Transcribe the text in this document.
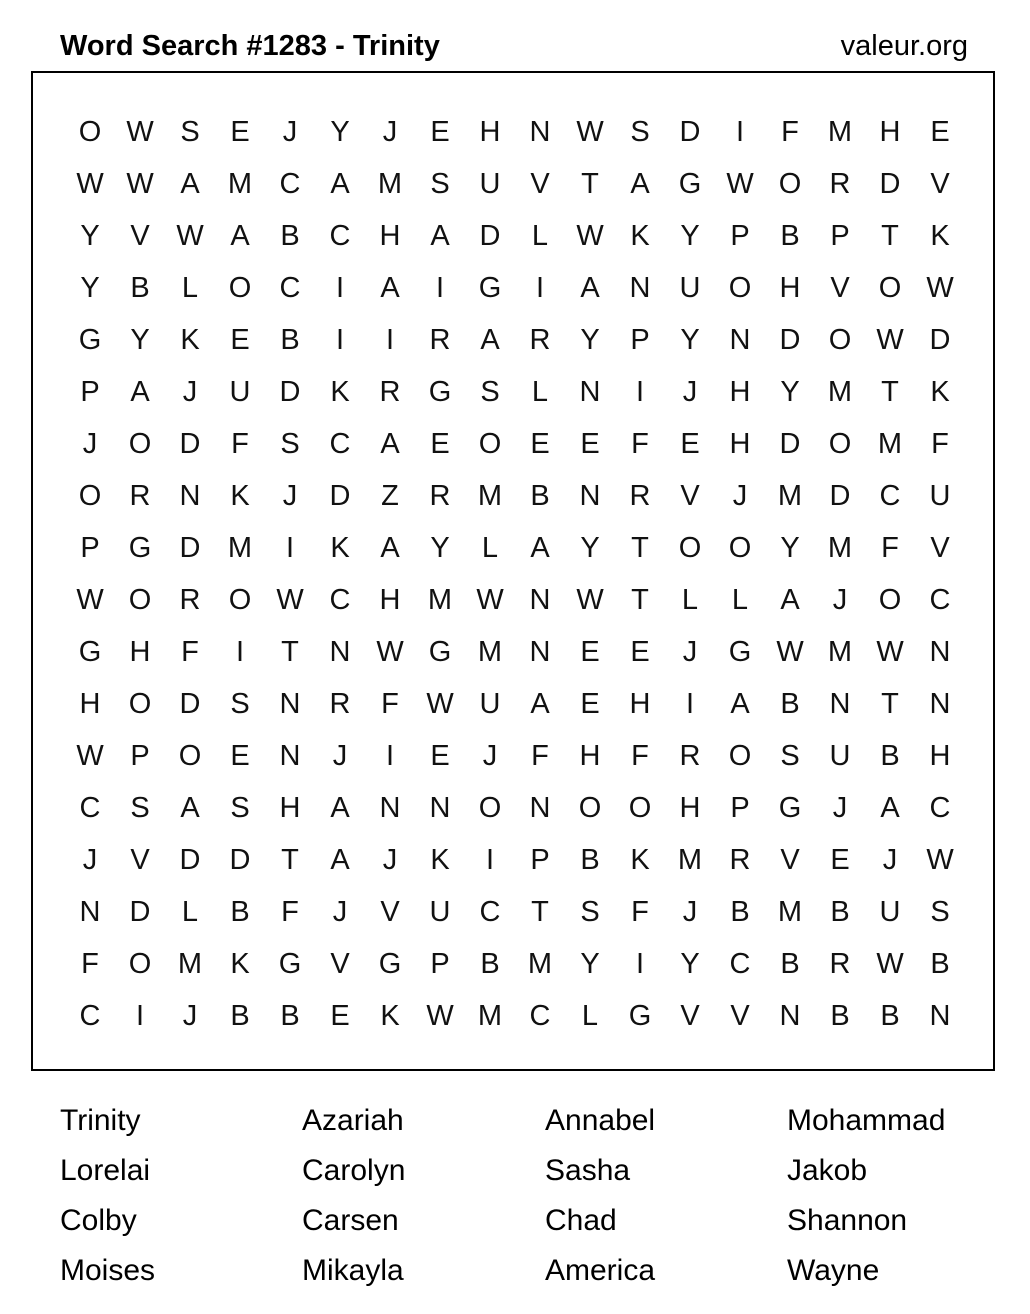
Word Search #1283 - Trinity	valeur.org
O W S	E	J	Y	J	E	H	N W S	D	I	F	M H	E
W W A M C	A M S	U	V	T	A	G W O R	D	V
Y	V W A	B	C	H	A	D	L W K	Y	P	B	P	T	K
Y	B	L	O C	I	A	I	G	I	A	N	U O H	V	O W
G	Y	K	E	B	I	I	R	A	R	Y	P	Y	N	D O W D
P	A	J	U	D	K	R G	S	L	N	I	J	H	Y M	T	K
J	O D	F	S	C	A	E	O	E	E	F	E	H	D O M	F
O R	N	K	J	D	Z	R M B	N	R	V	J	M D	C	U
P	G D M	I	K	A	Y	L	A	Y	T	O O	Y M	F	V
W O R O W C	H M W N W T	L	L	A	J	O C
G H	F	I	T	N W G M N	E	E	J	G W M W N
H O D	S	N	R	F W U	A	E	H	I	A	B	N	T	N
W P	O	E	N	J	I	E	J	F	H	F	R O	S	U	B	H
C	S	A	S	H	A	N	N O N O O H	P	G	J	A	C
J	V	D	D	T	A	J	K	I	P	B	K M R	V	E	J	W
N	D	L	B	F	J	V	U	C	T	S	F	J	B M B	U	S
F	O M K	G	V	G	P	B M Y	I	Y	C	B	R W B
C	I	J	B	B	E	K W M C	L	G	V	V	N	B	B	N
Trinity	Azariah	Annabel	Mohammad
Lorelai	Carolyn	Sasha	Jakob
Colby	Carsen	Chad	Shannon
Moises	Mikayla	America	Wayne
